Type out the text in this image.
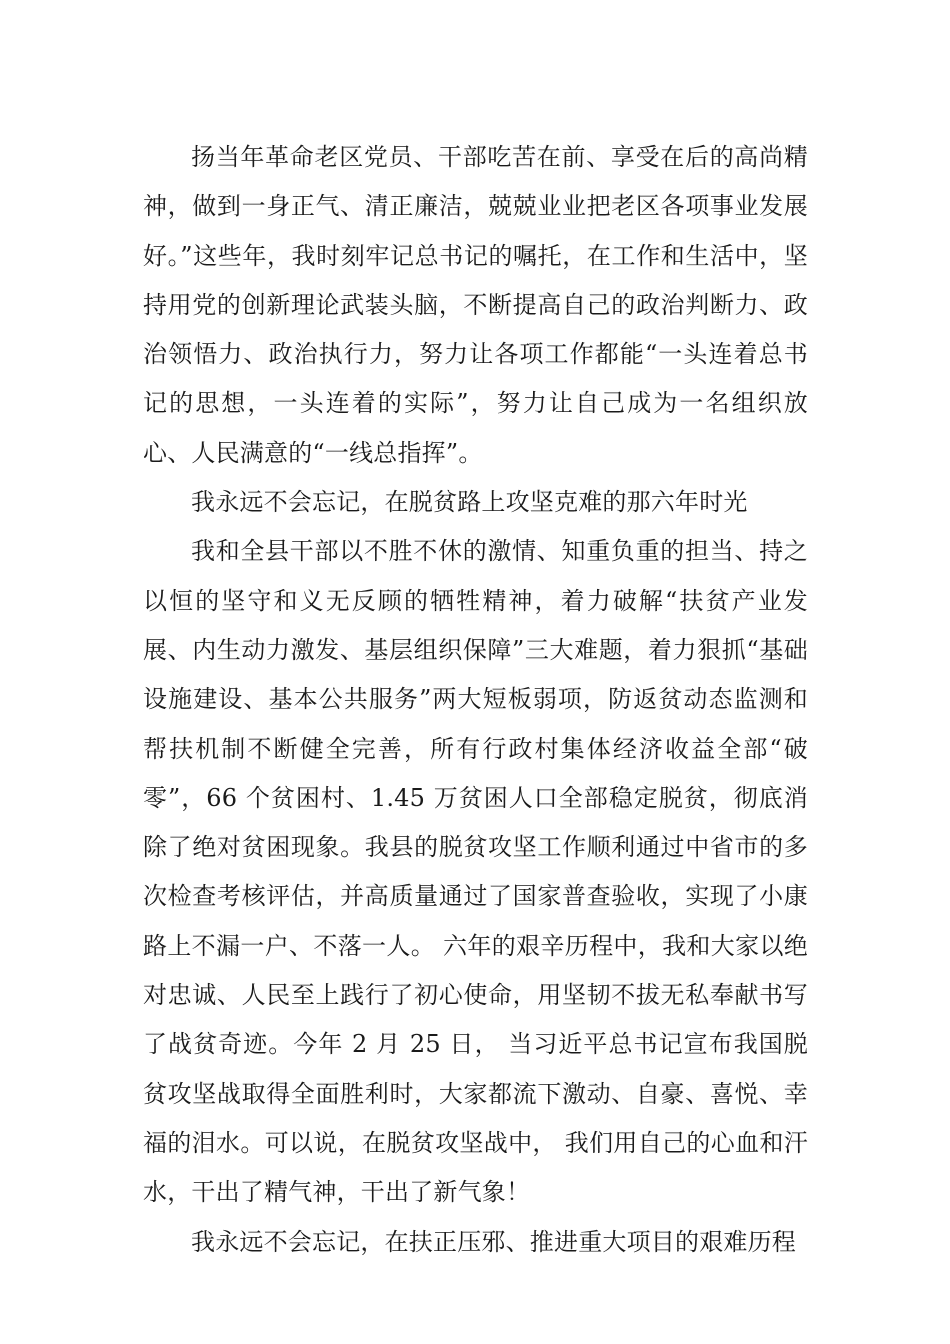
扬当年革命老区党员、干部吃苦在前、享受在后的高尚精神，做到一身正气、清正廉洁，兢兢业业把老区各项事业发展好。”这些年，我时刻牢记总书记的嘱托，在工作和生活中，坚持用党的创新理论武装头脑，不断提高自己的政治判断力、政治领悟力、政治执行力，努力让各项工作都能“一头连着总书记的思想，一头连着的实际”，努力让自己成为一名组织放心、人民满意的“一线总指挥”。

我永远不会忘记，在脱贫路上攻坚克难的那六年时光

我和全县干部以不胜不休的激情、知重负重的担当、持之以恒的坚守和义无反顾的牺牲精神，着力破解“扶贫产业发展、内生动力激发、基层组织保障”三大难题，着力狠抓“基础设施建设、基本公共服务”两大短板弱项，防返贫动态监测和帮扶机制不断健全完善，所有行政村集体经济收益全部“破零”，66 个贫困村、1.45 万贫困人口全部稳定脱贫，彻底消除了绝对贫困现象。我县的脱贫攻坚工作顺利通过中省市的多次检查考核评估，并高质量通过了国家普查验收，实现了小康路上不漏一户、不落一人。 六年的艰辛历程中，我和大家以绝对忠诚、人民至上践行了初心使命，用坚韧不拔无私奉献书写了战贫奇迹。今年 2 月 25 日， 当习近平总书记宣布我国脱贫攻坚战取得全面胜利时，大家都流下激动、自豪、喜悦、幸福的泪水。可以说，在脱贫攻坚战中， 我们用自己的心血和汗水，干出了精气神，干出了新气象！

我永远不会忘记，在扶正压邪、推进重大项目的艰难历程
